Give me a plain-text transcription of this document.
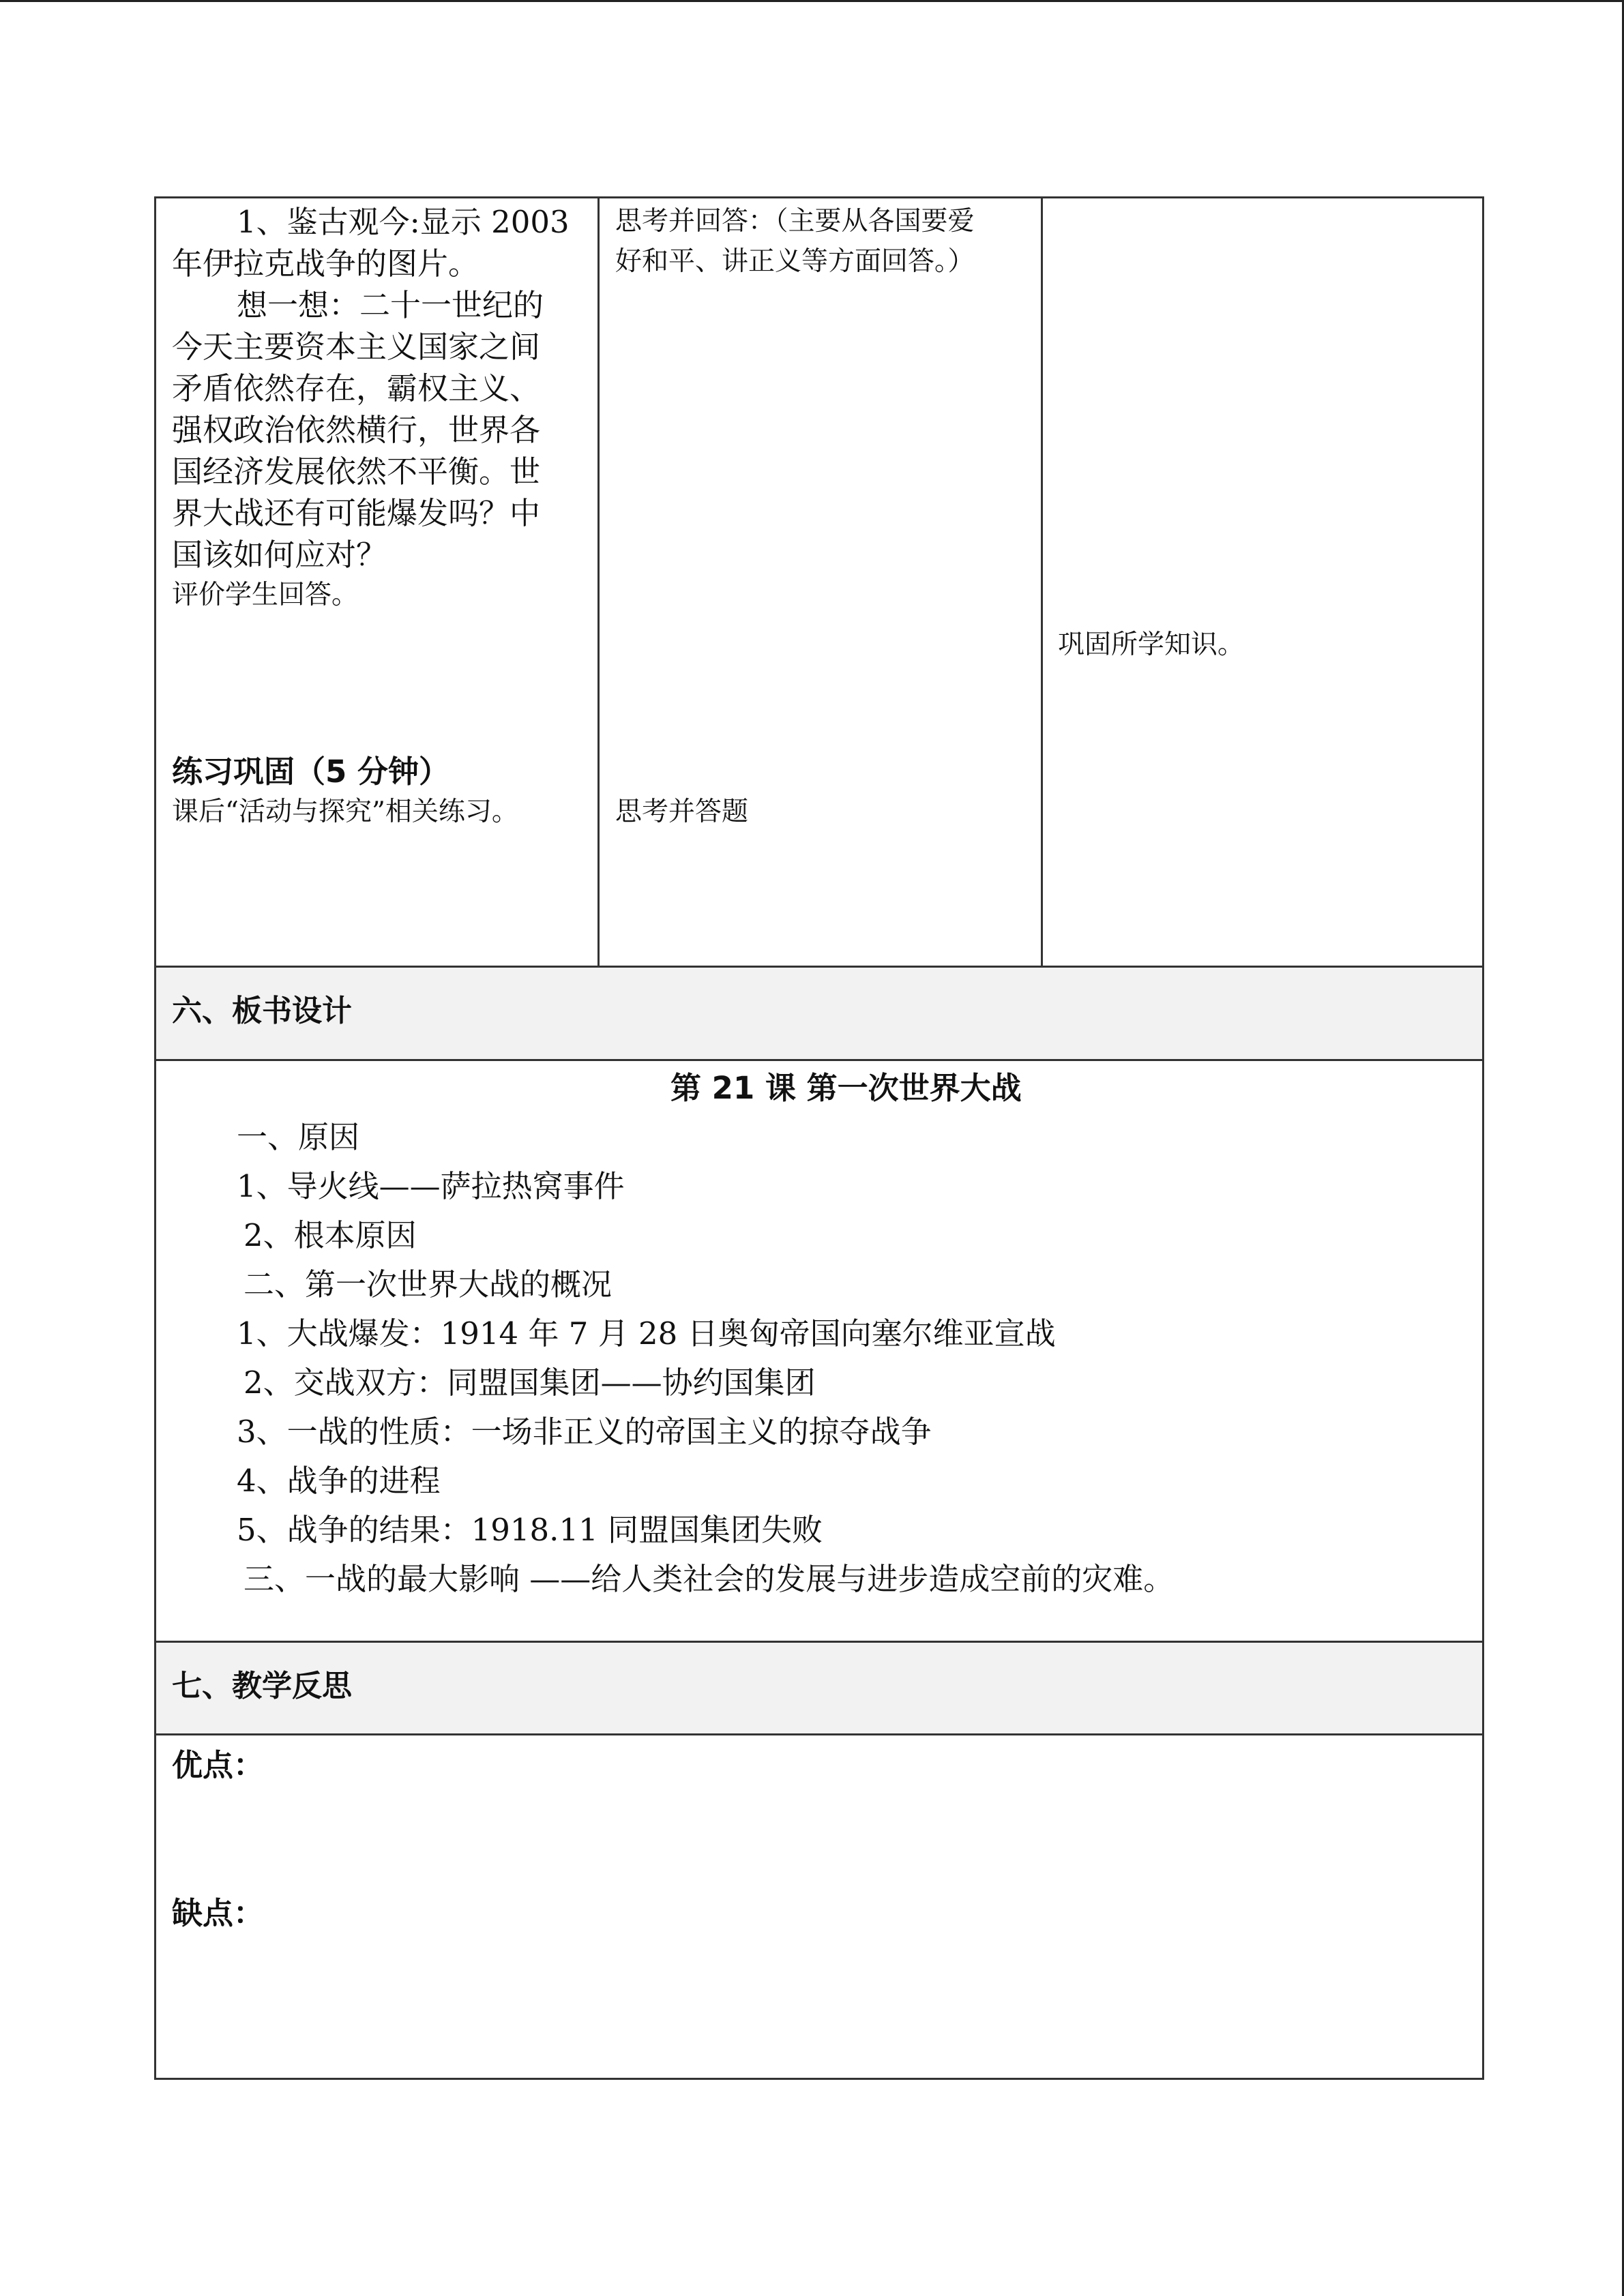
1、鉴古观今:显示 2003
年伊拉克战争的图片。
想一想：二十一世纪的
今天主要资本主义国家之间
矛盾依然存在，霸权主义、
强权政治依然横行，世界各
国经济发展依然不平衡。世
界大战还有可能爆发吗？中
国该如何应对？
评价学生回答。
练习巩固（5 分钟）
课后“活动与探究”相关练习。
思考并回答：（主要从各国要爱
好和平、讲正义等方面回答。）
思考并答题
巩固所学知识。
六、板书设计
第 21 课 第一次世界大战
一、原因
1、导火线——萨拉热窝事件
2、根本原因
二、第一次世界大战的概况
1、大战爆发：1914 年 7 月 28 日奥匈帝国向塞尔维亚宣战
2、交战双方：同盟国集团——协约国集团
3、一战的性质：一场非正义的帝国主义的掠夺战争
4、战争的进程
5、战争的结果：1918.11 同盟国集团失败
三、一战的最大影响 ——给人类社会的发展与进步造成空前的灾难。
七、教学反思
优点：
缺点：
